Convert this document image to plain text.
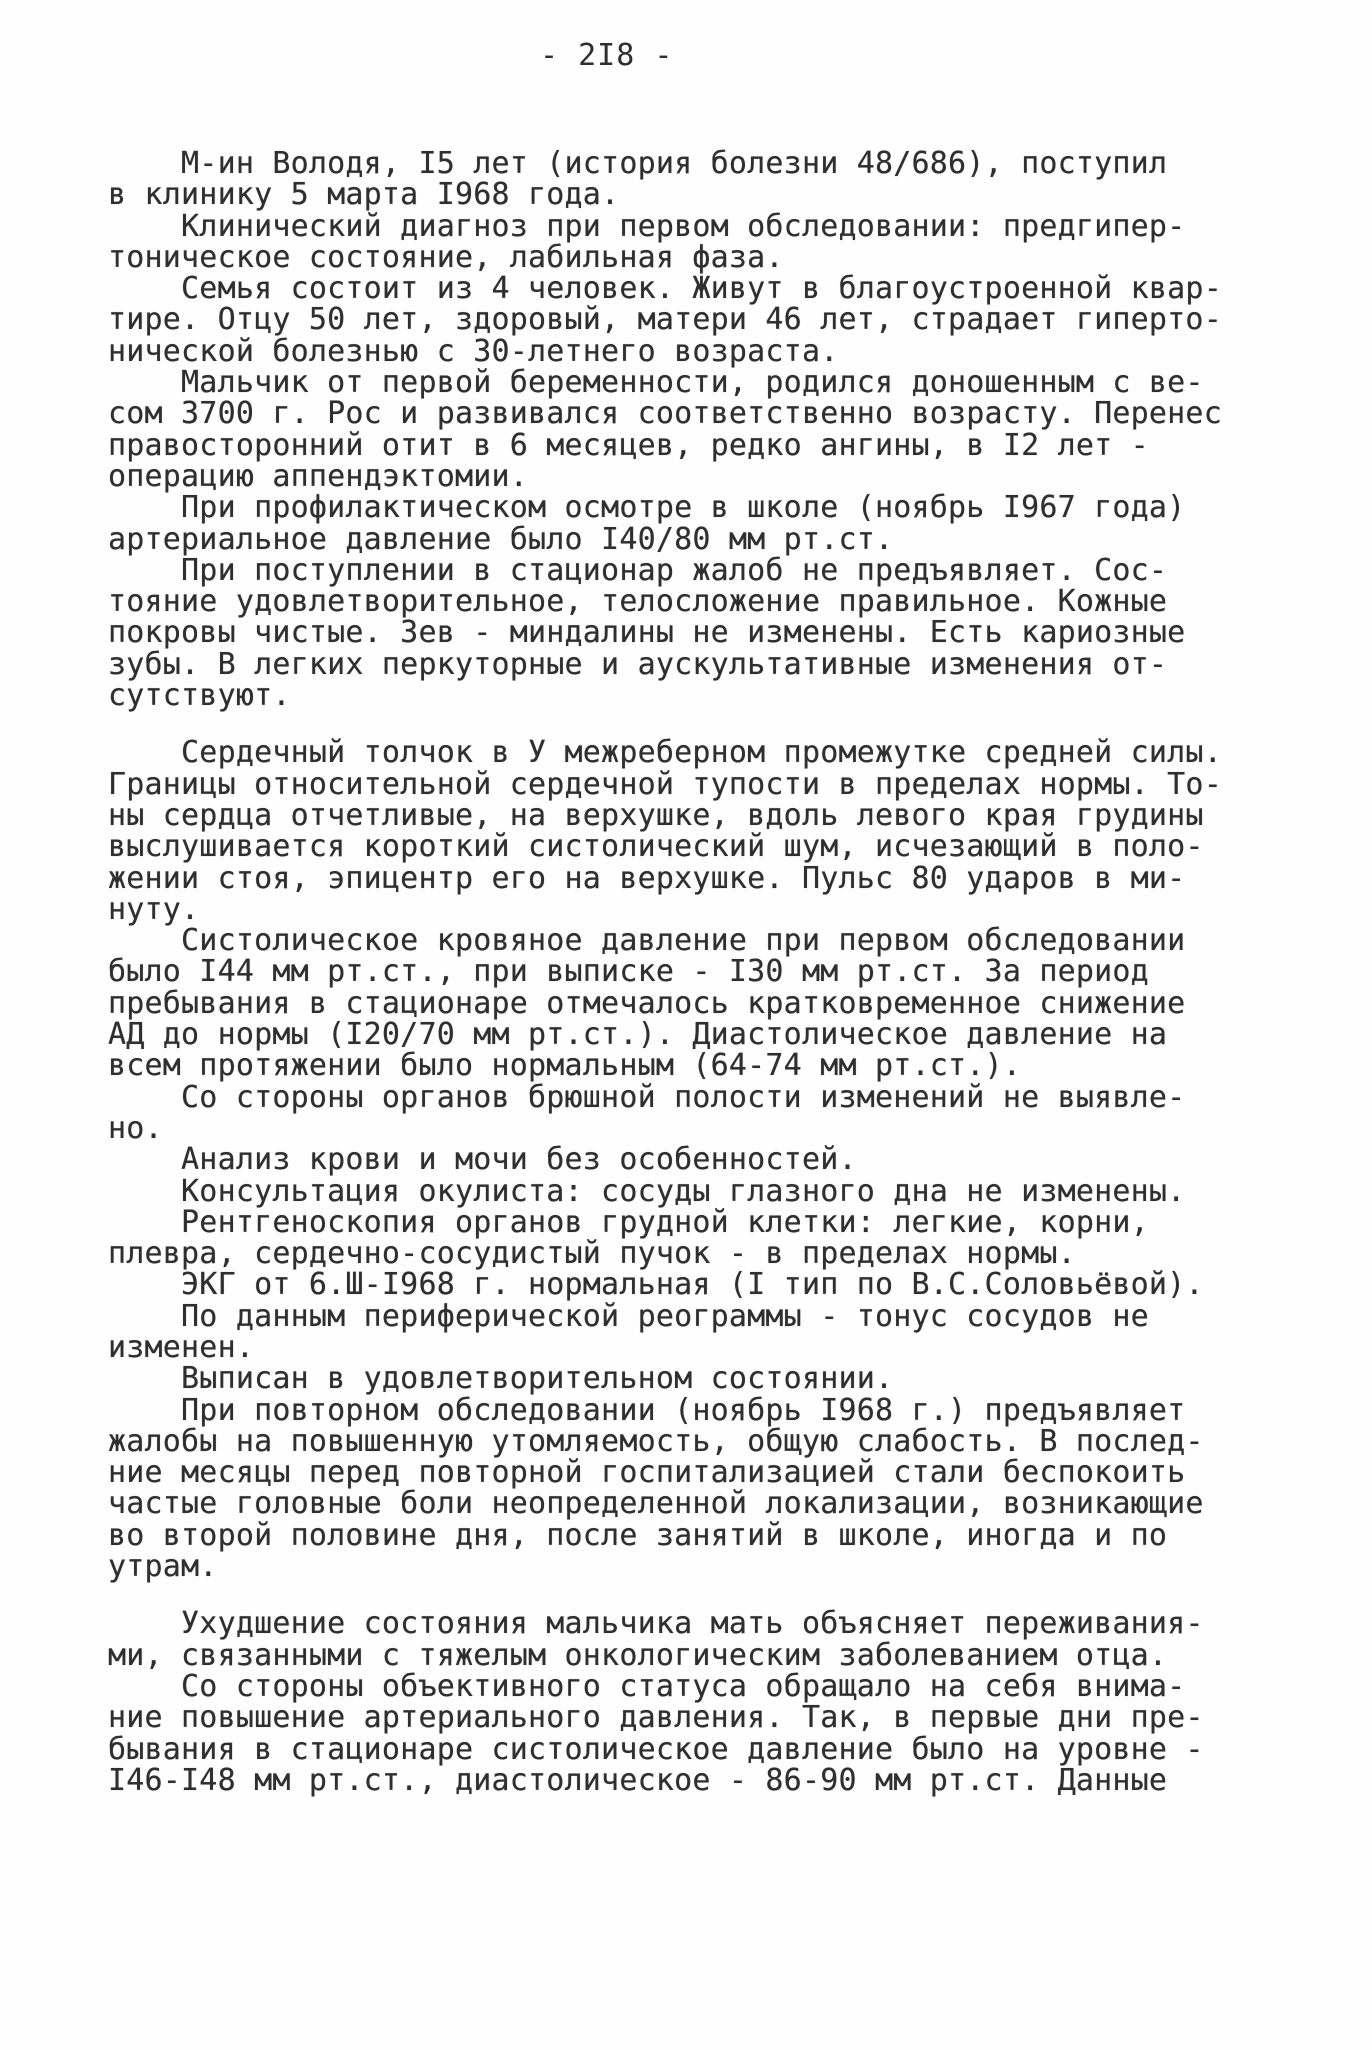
- 2I8 -
М-ин Володя, I5 лет (история болезни 48/686), поступил
в клинику 5 марта I968 года.
Клинический диагноз при первом обследовании: предгипер-
тоническое состояние, лабильная фаза.
Семья состоит из 4 человек. Живут в благоустроенной квар-
тире. Отцу 50 лет, здоровый, матери 46 лет, страдает гиперто-
нической болезнью с 30-летнего возраста.
Мальчик от первой беременности, родился доношенным с ве-
сом 3700 г. Рос и развивался соответственно возрасту. Перенес
правосторонний отит в 6 месяцев, редко ангины, в I2 лет -
операцию аппендэктомии.
При профилактическом осмотре в школе (ноябрь I967 года)
артериальное давление было I40/80 мм рт.ст.
При поступлении в стационар жалоб не предъявляет. Сос-
тояние удовлетворительное, телосложение правильное. Кожные
покровы чистые. Зев - миндалины не изменены. Есть кариозные
зубы. В легких перкуторные и аускультативные изменения от-
сутствуют.
Сердечный толчок в У межреберном промежутке средней силы.
Границы относительной сердечной тупости в пределах нормы. То-
ны сердца отчетливые, на верхушке, вдоль левого края грудины
выслушивается короткий систолический шум, исчезающий в поло-
жении стоя, эпицентр его на верхушке. Пульс 80 ударов в ми-
нуту.
Систолическое кровяное давление при первом обследовании
было I44 мм рт.ст., при выписке - I30 мм рт.ст. За период
пребывания в стационаре отмечалось кратковременное снижение
АД до нормы (I20/70 мм рт.ст.). Диастолическое давление на
всем протяжении было нормальным (64-74 мм рт.ст.).
Со стороны органов брюшной полости изменений не выявле-
но.
Анализ крови и мочи без особенностей.
Консультация окулиста: сосуды глазного дна не изменены.
Рентгеноскопия органов грудной клетки: легкие, корни,
плевра, сердечно-сосудистый пучок - в пределах нормы.
ЭКГ от 6.Ш-I968 г. нормальная (I тип по В.С.Соловьёвой).
По данным периферической реограммы - тонус сосудов не
изменен.
Выписан в удовлетворительном состоянии.
При повторном обследовании (ноябрь I968 г.) предъявляет
жалобы на повышенную утомляемость, общую слабость. В послед-
ние месяцы перед повторной госпитализацией стали беспокоить
частые головные боли неопределенной локализации, возникающие
во второй половине дня, после занятий в школе, иногда и по
утрам.
Ухудшение состояния мальчика мать объясняет переживания-
ми, связанными с тяжелым онкологическим заболеванием отца.
Со стороны объективного статуса обращало на себя внима-
ние повышение артериального давления. Так, в первые дни пре-
бывания в стационаре систолическое давление было на уровне -
I46-I48 мм рт.ст., диастолическое - 86-90 мм рт.ст. Данные
